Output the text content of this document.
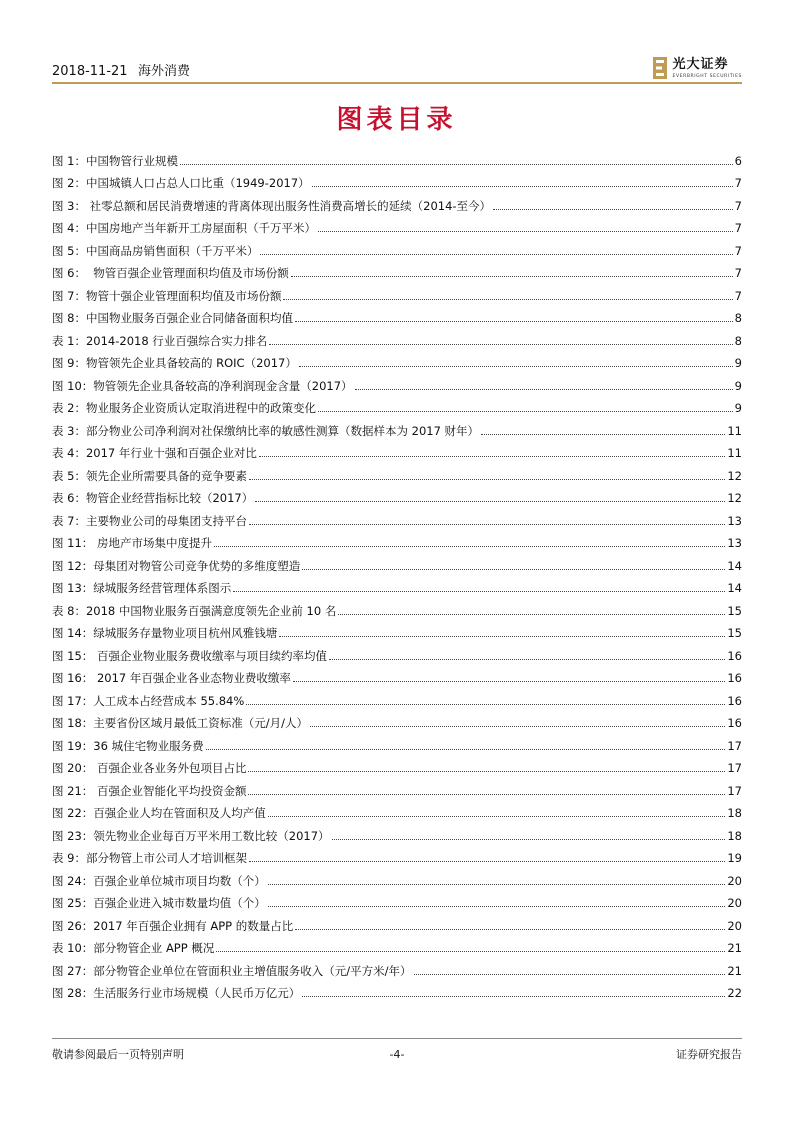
2018-11-21 海外消费	光大证券
EVERBRIGHT SECURITIES
图表目录
图 1：中国物管行业规模	6
图 2：中国城镇人口占总人口比重（1949-2017）	7
图 3： 社零总额和居民消费增速的背离体现出服务性消费高增长的延续（2014-至今）	7
图 4：中国房地产当年新开工房屋面积（千万平米）	7
图 5：中国商品房销售面积（千万平米）	7
图 6：  物管百强企业管理面积均值及市场份额	7
图 7：物管十强企业管理面积均值及市场份额	7
图 8：中国物业服务百强企业合同储备面积均值	8
表 1：2014-2018 行业百强综合实力排名	8
图 9：物管领先企业具备较高的 ROIC（2017）	9
图 10：物管领先企业具备较高的净利润现金含量（2017）	9
表 2：物业服务企业资质认定取消进程中的政策变化	9
表 3：部分物业公司净利润对社保缴纳比率的敏感性测算（数据样本为 2017 财年）	11
表 4：2017 年行业十强和百强企业对比	11
表 5：领先企业所需要具备的竞争要素	12
表 6：物管企业经营指标比较（2017）	12
表 7：主要物业公司的母集团支持平台	13
图 11： 房地产市场集中度提升	13
图 12：母集团对物管公司竞争优势的多维度塑造	14
图 13：绿城服务经营管理体系图示	14
表 8：2018 中国物业服务百强满意度领先企业前 10 名	15
图 14：绿城服务存量物业项目杭州风雅钱塘	15
图 15： 百强企业物业服务费收缴率与项目续约率均值	16
图 16： 2017 年百强企业各业态物业费收缴率	16
图 17：人工成本占经营成本 55.84%	16
图 18：主要省份区域月最低工资标准（元/月/人）	16
图 19：36 城住宅物业服务费	17
图 20： 百强企业各业务外包项目占比	17
图 21： 百强企业智能化平均投资金额	17
图 22：百强企业人均在管面积及人均产值	18
图 23：领先物业企业每百万平米用工数比较（2017）	18
表 9：部分物管上市公司人才培训框架	19
图 24：百强企业单位城市项目均数（个）	20
图 25：百强企业进入城市数量均值（个）	20
图 26：2017 年百强企业拥有 APP 的数量占比	20
表 10：部分物管企业 APP 概况	21
图 27：部分物管企业单位在管面积业主增值服务收入（元/平方米/年）	21
图 28：生活服务行业市场规模（人民币万亿元）	22
敬请参阅最后一页特别声明	-4-	证券研究报告
